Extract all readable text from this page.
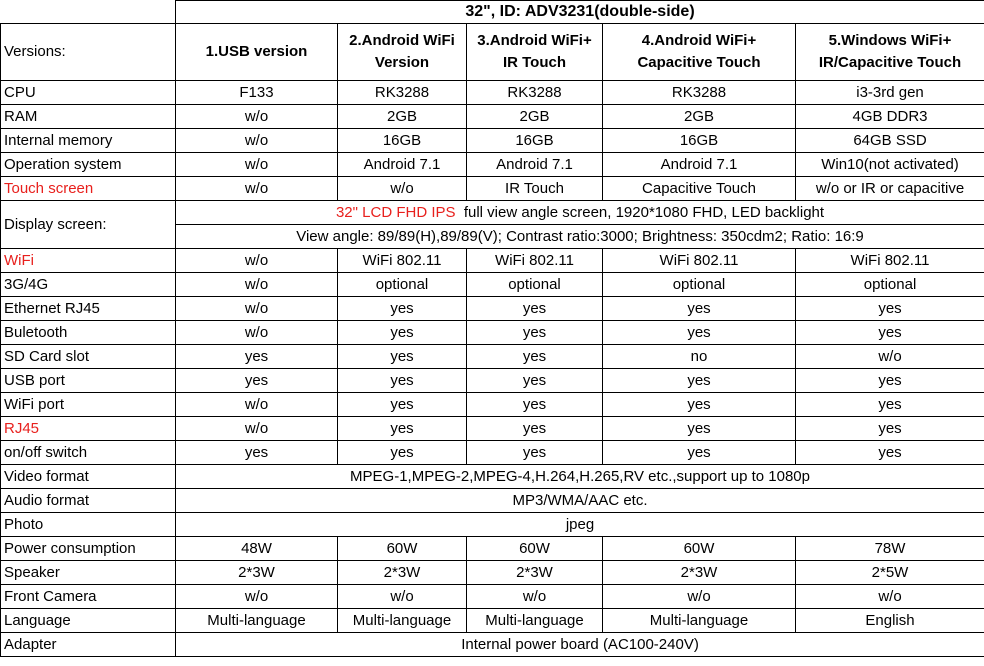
	32", ID: ADV3231(double-side)				
Versions:	1.USB version	2.Android WiFi Version	3.Android WiFi+ IR Touch	4.Android WiFi+ Capacitive Touch	5.Windows WiFi+ IR/Capacitive Touch
CPU	F133	RK3288	RK3288	RK3288	i3-3rd gen
RAM	w/o	2GB	2GB	2GB	4GB DDR3
Internal memory	w/o	16GB	16GB	16GB	64GB SSD
Operation system	w/o	Android 7.1	Android 7.1	Android 7.1	Win10(not activated)
Touch screen	w/o	w/o	IR Touch	Capacitive Touch	w/o or IR or capacitive
Display screen:	32" LCD FHD IPS full view angle screen, 1920*1080 FHD, LED backlight				
	View angle: 89/89(H),89/89(V); Contrast ratio:3000; Brightness: 350cdm2; Ratio: 16:9				
WiFi	w/o	WiFi 802.11	WiFi 802.11	WiFi 802.11	WiFi 802.11
3G/4G	w/o	optional	optional	optional	optional
Ethernet RJ45	w/o	yes	yes	yes	yes
Buletooth	w/o	yes	yes	yes	yes
SD Card slot	yes	yes	yes	no	w/o
USB port	yes	yes	yes	yes	yes
WiFi port	w/o	yes	yes	yes	yes
RJ45	w/o	yes	yes	yes	yes
on/off switch	yes	yes	yes	yes	yes
Video format	MPEG-1,MPEG-2,MPEG-4,H.264,H.265,RV etc.,support up to 1080p				
Audio format	MP3/WMA/AAC etc.				
Photo	jpeg				
Power consumption	48W	60W	60W	60W	78W
Speaker	2*3W	2*3W	2*3W	2*3W	2*5W
Front Camera	w/o	w/o	w/o	w/o	w/o
Language	Multi-language	Multi-language	Multi-language	Multi-language	English
Adapter	Internal power board (AC100-240V)				
